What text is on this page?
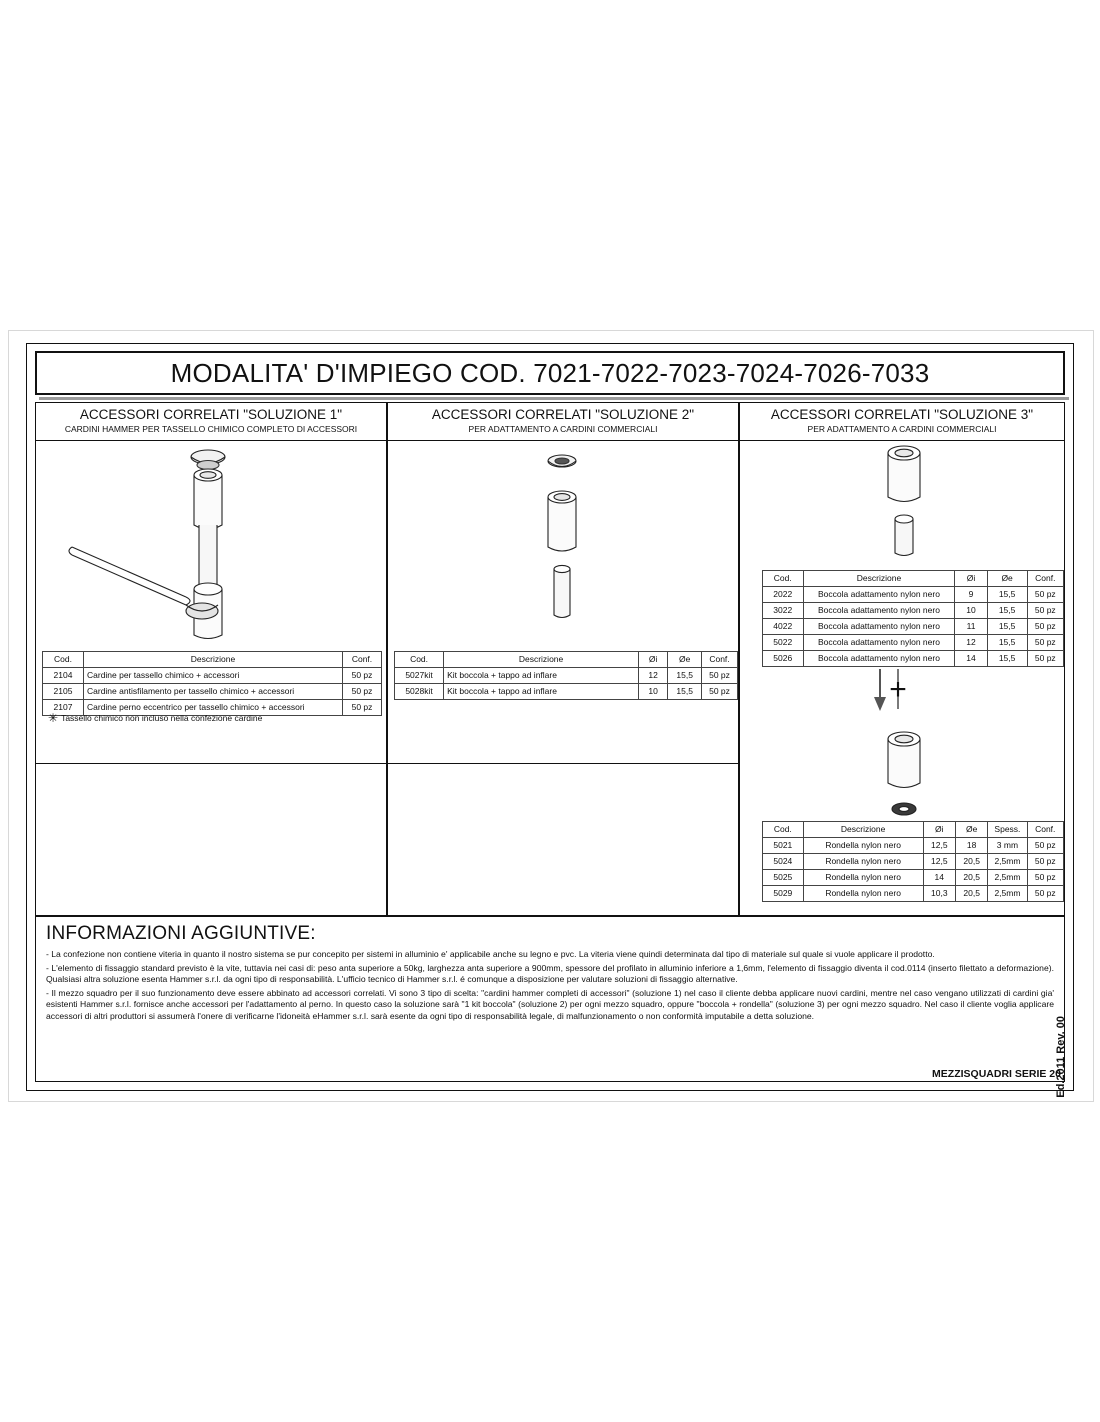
MODALITA' D'IMPIEGO COD. 7021-7022-7023-7024-7026-7033
ACCESSORI CORRELATI "SOLUZIONE 1"
CARDINI HAMMER PER TASSELLO CHIMICO COMPLETO DI ACCESSORI
Cod.	Descrizione	Conf.
2104	Cardine per tassello chimico + accessori	50 pz
2105	Cardine antisfilamento per tassello chimico + accessori	50 pz
2107	Cardine perno eccentrico per tassello chimico + accessori	50 pz
✳ Tassello chimico non incluso nella confezione cardine
ACCESSORI CORRELATI "SOLUZIONE 2"
PER ADATTAMENTO A CARDINI COMMERCIALI
Cod.	Descrizione	Øi	Øe	Conf.
5027kit	Kit boccola + tappo ad inflare	12	15,5	50 pz
5028kit	Kit boccola + tappo ad inflare	10	15,5	50 pz
ACCESSORI CORRELATI "SOLUZIONE 3"
PER ADATTAMENTO A CARDINI COMMERCIALI
Cod.	Descrizione	Øi	Øe	Conf.
2022	Boccola adattamento nylon nero	9	15,5	50 pz
3022	Boccola adattamento nylon nero	10	15,5	50 pz
4022	Boccola adattamento nylon nero	11	15,5	50 pz
5022	Boccola adattamento nylon nero	12	15,5	50 pz
5026	Boccola adattamento nylon nero	14	15,5	50 pz
+
Cod.	Descrizione	Øi	Øe	Spess.	Conf.
5021	Rondella nylon nero	12,5	18	3 mm	50 pz
5024	Rondella nylon nero	12,5	20,5	2,5mm	50 pz
5025	Rondella nylon nero	14	20,5	2,5mm	50 pz
5029	Rondella nylon nero	10,3	20,5	2,5mm	50 pz
INFORMAZIONI AGGIUNTIVE:

- La confezione non contiene viteria in quanto il nostro sistema se pur concepito per sistemi in alluminio e' applicabile anche su legno e pvc. La viteria viene quindi determinata dal tipo di materiale sul quale si vuole applicare il prodotto.

- L'elemento di fissaggio standard previsto è la vite, tuttavia nei casi di: peso anta superiore a 50kg, larghezza anta superiore a 900mm, spessore del profilato in alluminio inferiore a 1,6mm, l'elemento di fissaggio diventa il cod.0114 (inserto filettato a deformazione). Qualsiasi altra soluzione esenta Hammer s.r.l. da ogni tipo di responsabilità. L'ufficio tecnico di Hammer s.r.l. é comunque a disposizione per valutare soluzioni di fissaggio alternative.

- Il mezzo squadro per il suo funzionamento deve essere abbinato ad accessori correlati. Vi sono 3 tipo di scelta: "cardini hammer completi di accessori" (soluzione 1) nel caso il cliente debba applicare nuovi cardini, mentre nel caso vengano utilizzati di cardini gia' esistenti Hammer s.r.l. fornisce anche accessori per l'adattamento al perno. In questo caso la soluzione sarà "1 kit boccola" (soluzione 2) per ogni mezzo squadro, oppure "boccola + rondella" (soluzione 3) per ogni mezzo squadro. Nel caso il cliente voglia applicare accessori di altri produttori si assumerà l'onere di verificarne l'idoneità eHammer s.r.l. sarà esente da ogni tipo di responsabilità legale, di malfunzionamento o non conformità imputabile a detta soluzione.

Ed.2011 Rev. 00
MEZZISQUADRI SERIE 20
